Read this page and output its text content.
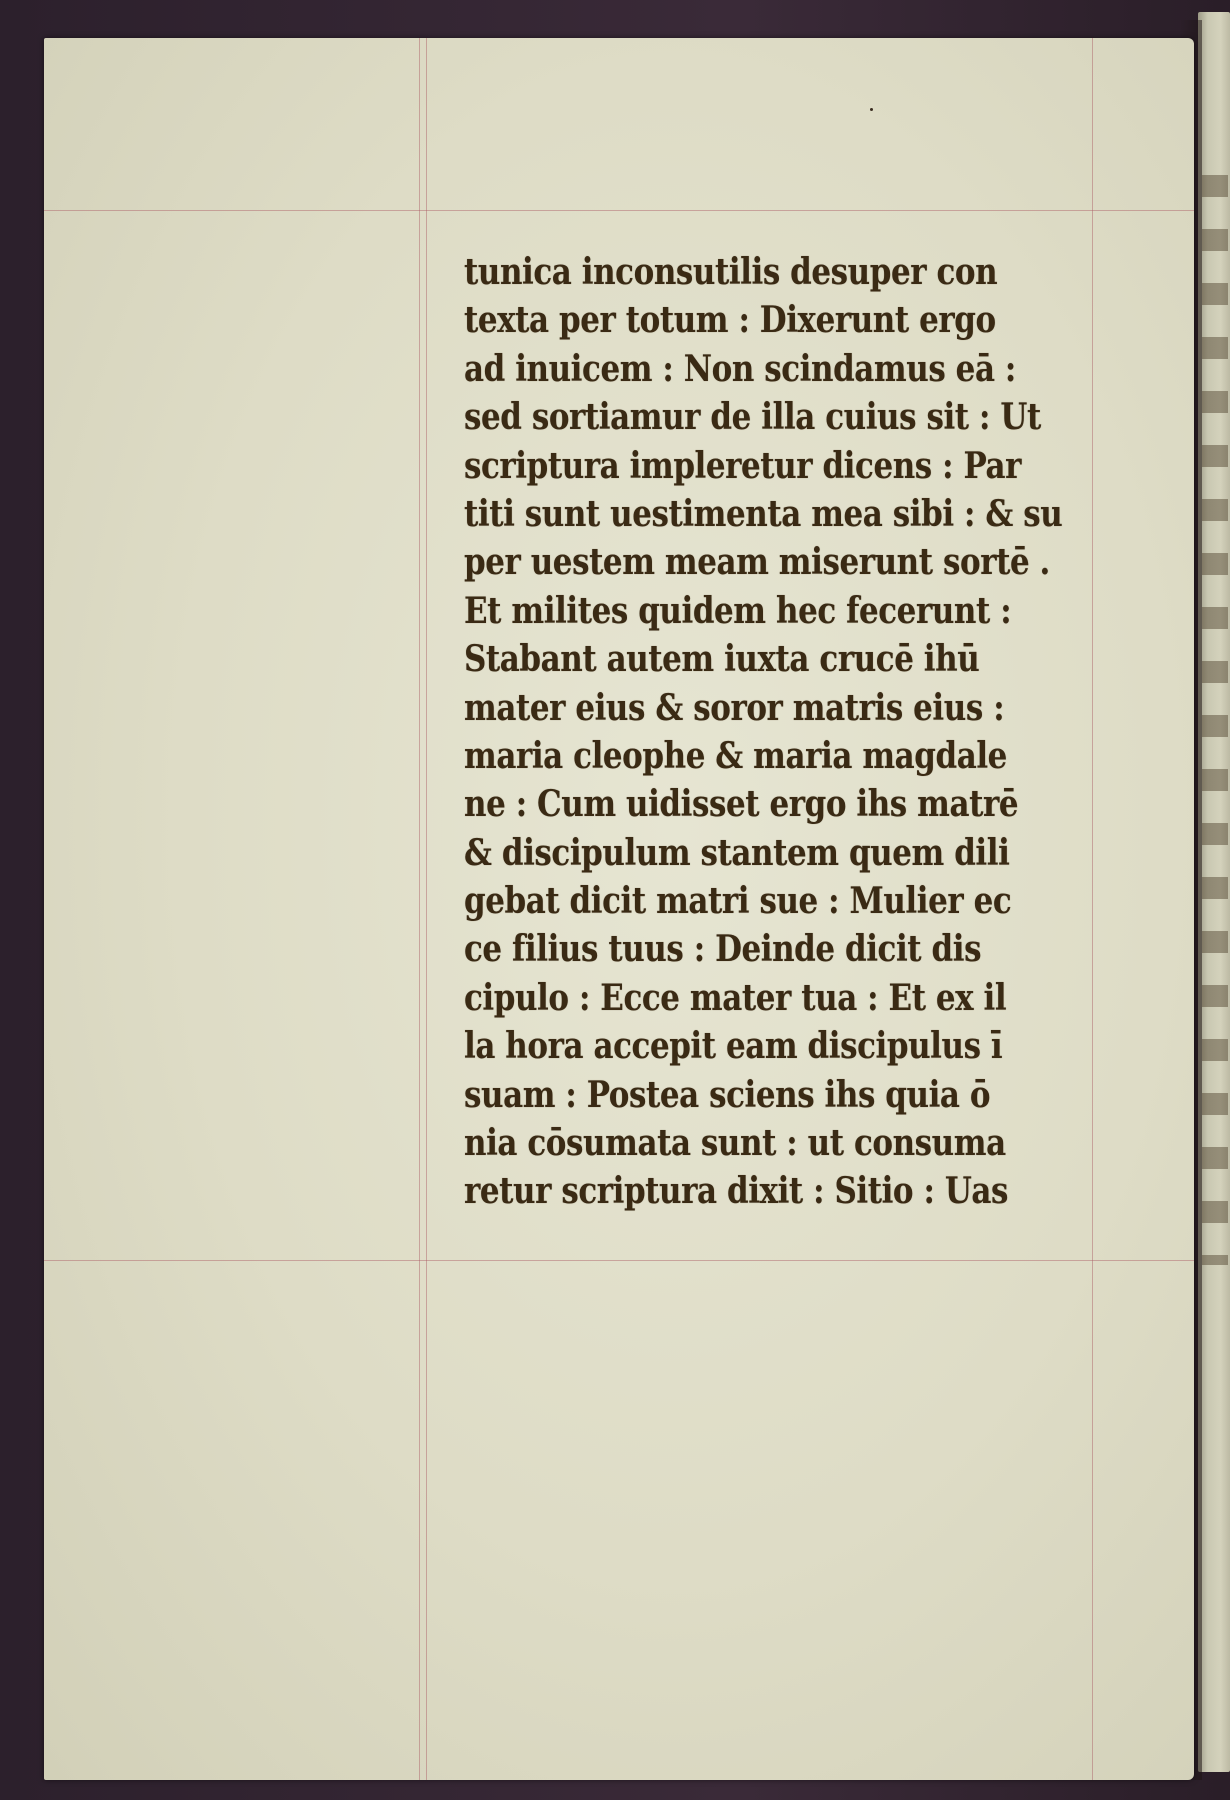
tunica inconsutilis desuper con
texta per totum : Dixerunt ergo
ad inuicem : Non scindamus eā :
sed sortiamur de illa cuius sit : Ut
scriptura impleretur dicens : Par
titi sunt uestimenta mea sibi : & su
per uestem meam miserunt sortē .
Et milites quidem hec fecerunt :
Stabant autem iuxta crucē ihū
mater eius & soror matris eius :
maria cleophe & maria magdale
ne : Cum uidisset ergo ihs matrē
& discipulum stantem quem dili
gebat dicit matri sue : Mulier ec
ce filius tuus : Deinde dicit dis
cipulo : Ecce mater tua : Et ex il
la hora accepit eam discipulus ī
suam : Postea sciens ihs quia ō
nia cōsumata sunt : ut consuma
retur scriptura dixit : Sitio : Uas
